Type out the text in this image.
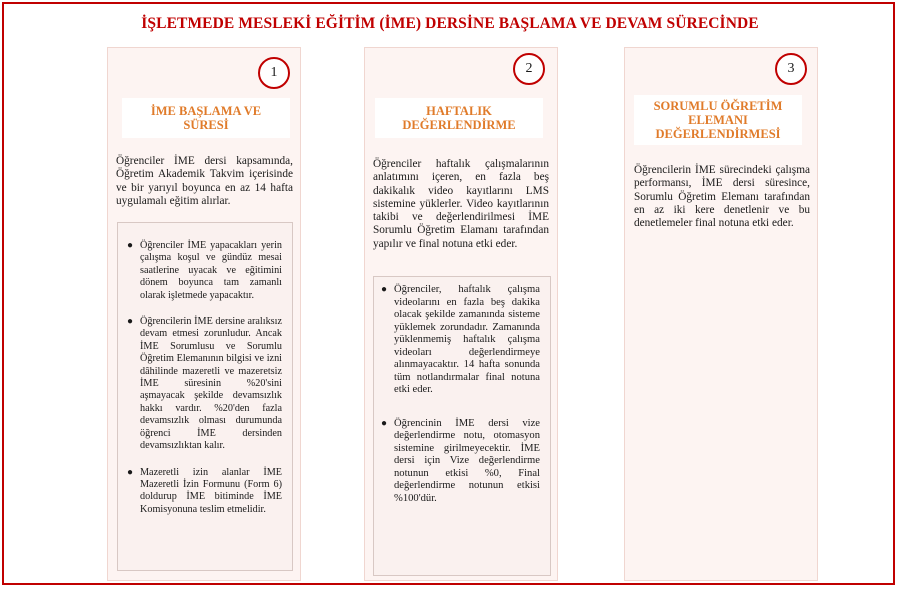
İŞLETMEDE MESLEKİ EĞİTİM (İME) DERSİNE BAŞLAMA VE DEVAM SÜRECİNDE
1
İME BAŞLAMA VE SÜRESİ
Öğrenciler İME dersi kapsamında, Öğretim Akademik Takvim içerisinde ve bir yarıyıl boyunca en az 14 hafta uygulamalı eğitim alırlar.
● Öğrenciler İME yapacakları yerin çalışma koşul ve gündüz mesai saatlerine uyacak ve eğitimini dönem boyunca tam zamanlı olarak işletmede yapacaktır.
● Öğrencilerin İME dersine aralıksız devam etmesi zorunludur. Ancak İME Sorumlusu ve Sorumlu Öğretim Elemanının bilgisi ve izni dâhilinde mazeretli ve mazeretsiz İME süresinin %20'sini aşmayacak şekilde devamsızlık hakkı vardır. %20'den fazla devamsızlık olması durumunda öğrenci İME dersinden devamsızlıktan kalır.
● Mazeretli izin alanlar İME Mazeretli İzin Formunu (Form 6) doldurup İME bitiminde İME Komisyonuna teslim etmelidir.
2
HAFTALIK DEĞERLENDİRME
Öğrenciler haftalık çalışmalarının anlatımını içeren, en fazla beş dakikalık video kayıtlarını LMS sistemine yüklerler. Video kayıtlarının takibi ve değerlendirilmesi İME Sorumlu Öğretim Elamanı tarafından yapılır ve final notuna etki eder.
● Öğrenciler, haftalık çalışma videolarını en fazla beş dakika olacak şekilde zamanında sisteme yüklemek zorundadır. Zamanında yüklenmemiş haftalık çalışma videoları değerlendirmeye alınmayacaktır. 14 hafta sonunda tüm notlandırmalar final notuna etki eder.
● Öğrencinin İME dersi vize değerlendirme notu, otomasyon sistemine girilmeyecektir. İME dersi için Vize değerlendirme notunun etkisi %0, Final değerlendirme notunun etkisi %100'dür.
3
SORUMLU ÖĞRETİM ELEMANI DEĞERLENDİRMESİ
Öğrencilerin İME sürecindeki çalışma performansı, İME dersi süresince, Sorumlu Öğretim Elemanı tarafından en az iki kere denetlenir ve bu denetlemeler final notuna etki eder.
